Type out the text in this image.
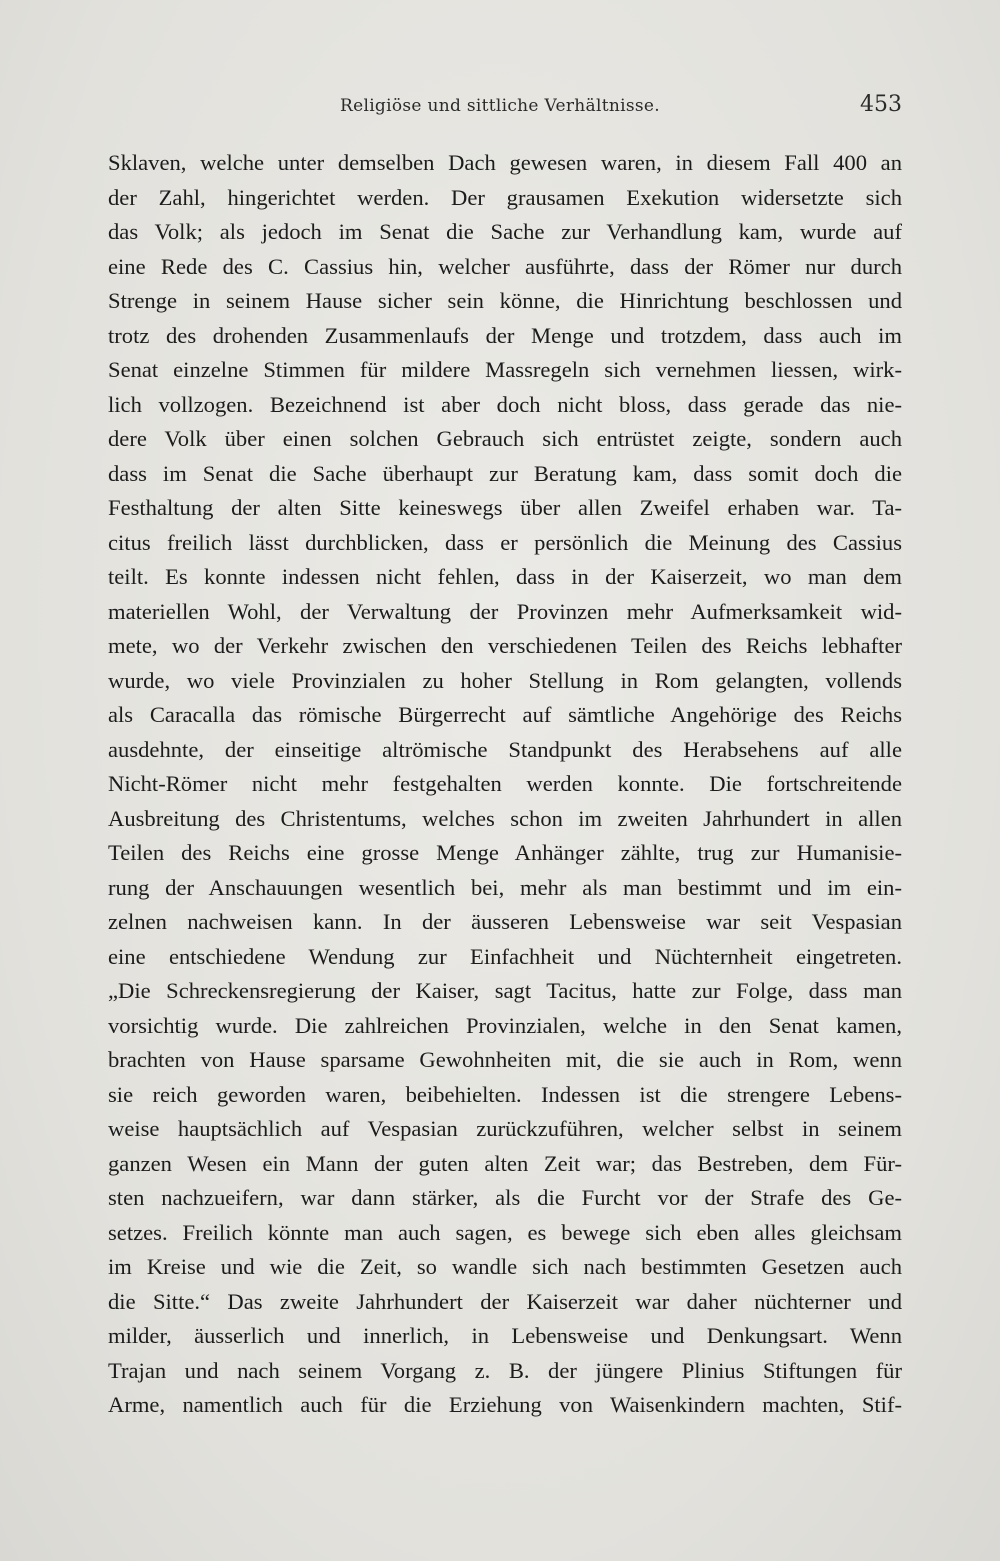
Religiöse und sittliche Verhältnisse.	453
Sklaven, welche unter demselben Dach gewesen waren, in diesem Fall 400 an
der Zahl, hingerichtet werden. Der grausamen Exekution widersetzte sich
das Volk; als jedoch im Senat die Sache zur Verhandlung kam, wurde auf
eine Rede des C. Cassius hin, welcher ausführte, dass der Römer nur durch
Strenge in seinem Hause sicher sein könne, die Hinrichtung beschlossen und
trotz des drohenden Zusammenlaufs der Menge und trotzdem, dass auch im
Senat einzelne Stimmen für mildere Massregeln sich vernehmen liessen, wirk-
lich vollzogen. Bezeichnend ist aber doch nicht bloss, dass gerade das nie-
dere Volk über einen solchen Gebrauch sich entrüstet zeigte, sondern auch
dass im Senat die Sache überhaupt zur Beratung kam, dass somit doch die
Festhaltung der alten Sitte keineswegs über allen Zweifel erhaben war. Ta-
citus freilich lässt durchblicken, dass er persönlich die Meinung des Cassius
teilt. Es konnte indessen nicht fehlen, dass in der Kaiserzeit, wo man dem
materiellen Wohl, der Verwaltung der Provinzen mehr Aufmerksamkeit wid-
mete, wo der Verkehr zwischen den verschiedenen Teilen des Reichs lebhafter
wurde, wo viele Provinzialen zu hoher Stellung in Rom gelangten, vollends
als Caracalla das römische Bürgerrecht auf sämtliche Angehörige des Reichs
ausdehnte, der einseitige altrömische Standpunkt des Herabsehens auf alle
Nicht-Römer nicht mehr festgehalten werden konnte. Die fortschreitende
Ausbreitung des Christentums, welches schon im zweiten Jahrhundert in allen
Teilen des Reichs eine grosse Menge Anhänger zählte, trug zur Humanisie-
rung der Anschauungen wesentlich bei, mehr als man bestimmt und im ein-
zelnen nachweisen kann. In der äusseren Lebensweise war seit Vespasian
eine entschiedene Wendung zur Einfachheit und Nüchternheit eingetreten.
„Die Schreckensregierung der Kaiser, sagt Tacitus, hatte zur Folge, dass man
vorsichtig wurde. Die zahlreichen Provinzialen, welche in den Senat kamen,
brachten von Hause sparsame Gewohnheiten mit, die sie auch in Rom, wenn
sie reich geworden waren, beibehielten. Indessen ist die strengere Lebens-
weise hauptsächlich auf Vespasian zurückzuführen, welcher selbst in seinem
ganzen Wesen ein Mann der guten alten Zeit war; das Bestreben, dem Für-
sten nachzueifern, war dann stärker, als die Furcht vor der Strafe des Ge-
setzes. Freilich könnte man auch sagen, es bewege sich eben alles gleichsam
im Kreise und wie die Zeit, so wandle sich nach bestimmten Gesetzen auch
die Sitte.“ Das zweite Jahrhundert der Kaiserzeit war daher nüchterner und
milder, äusserlich und innerlich, in Lebensweise und Denkungsart. Wenn
Trajan und nach seinem Vorgang z. B. der jüngere Plinius Stiftungen für
Arme, namentlich auch für die Erziehung von Waisenkindern machten, Stif-
